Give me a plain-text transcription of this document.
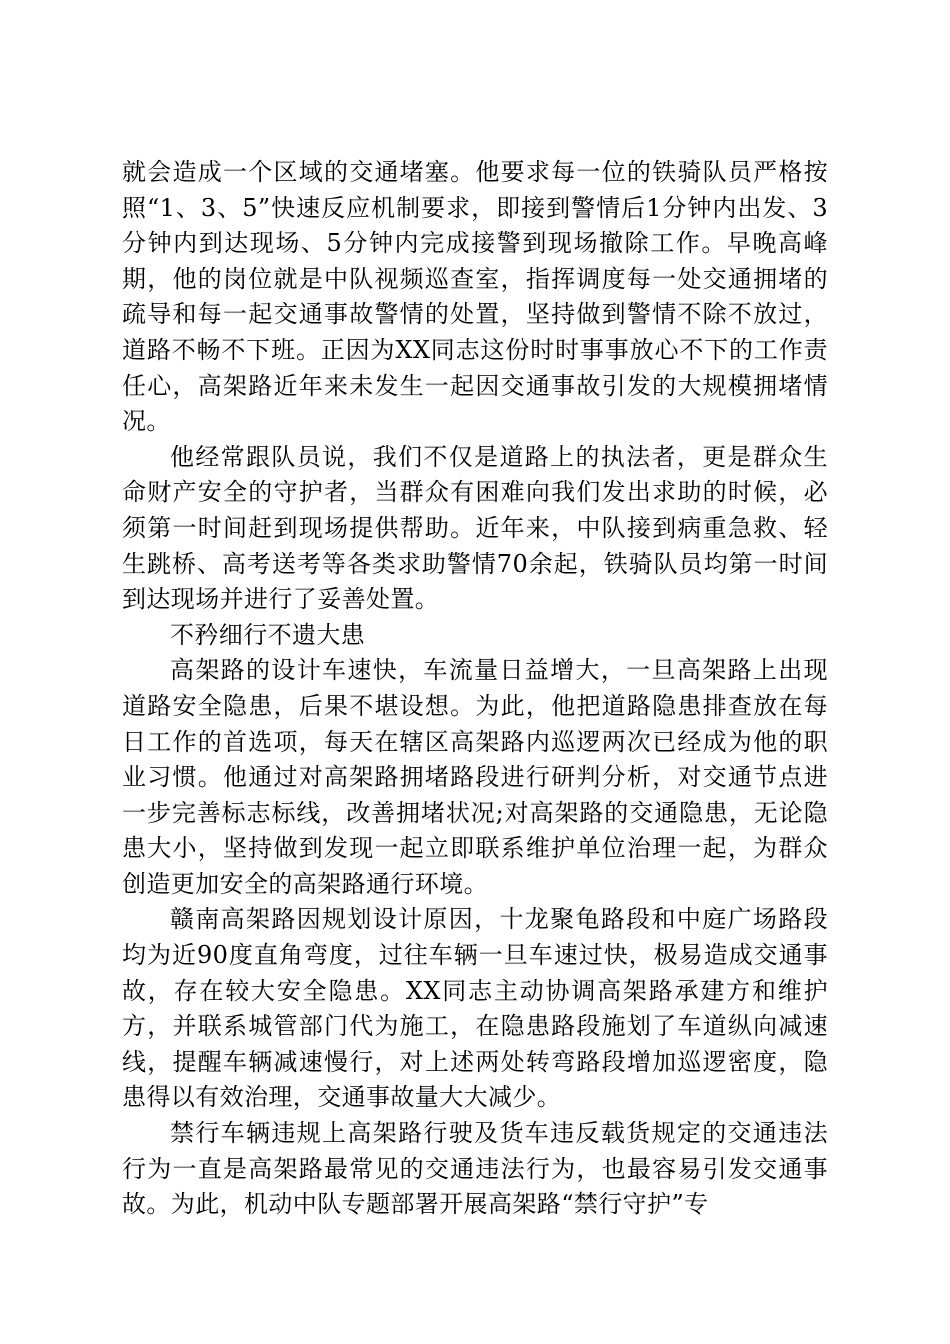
就会造成一个区域的交通堵塞。他要求每一位的铁骑队员严格按照“1、3、5”快速反应机制要求，即接到警情后1分钟内出发、3分钟内到达现场、5分钟内完成接警到现场撤除工作。早晚高峰期，他的岗位就是中队视频巡查室，指挥调度每一处交通拥堵的疏导和每一起交通事故警情的处置，坚持做到警情不除不放过，道路不畅不下班。正因为XX同志这份时时事事放心不下的工作责任心，高架路近年来未发生一起因交通事故引发的大规模拥堵情况。

他经常跟队员说，我们不仅是道路上的执法者，更是群众生命财产安全的守护者，当群众有困难向我们发出求助的时候，必须第一时间赶到现场提供帮助。近年来，中队接到病重急救、轻生跳桥、高考送考等各类求助警情70余起，铁骑队员均第一时间到达现场并进行了妥善处置。

不矜细行不遗大患

高架路的设计车速快，车流量日益增大，一旦高架路上出现道路安全隐患，后果不堪设想。为此，他把道路隐患排查放在每日工作的首选项，每天在辖区高架路内巡逻两次已经成为他的职业习惯。他通过对高架路拥堵路段进行研判分析，对交通节点进一步完善标志标线，改善拥堵状况;对高架路的交通隐患，无论隐患大小，坚持做到发现一起立即联系维护单位治理一起，为群众创造更加安全的高架路通行环境。

赣南高架路因规划设计原因，十龙聚龟路段和中庭广场路段均为近90度直角弯度，过往车辆一旦车速过快，极易造成交通事故，存在较大安全隐患。XX同志主动协调高架路承建方和维护方，并联系城管部门代为施工，在隐患路段施划了车道纵向减速线，提醒车辆减速慢行，对上述两处转弯路段增加巡逻密度，隐患得以有效治理，交通事故量大大减少。

禁行车辆违规上高架路行驶及货车违反载货规定的交通违法行为一直是高架路最常见的交通违法行为，也最容易引发交通事故。为此，机动中队专题部署开展高架路“禁行守护”专
